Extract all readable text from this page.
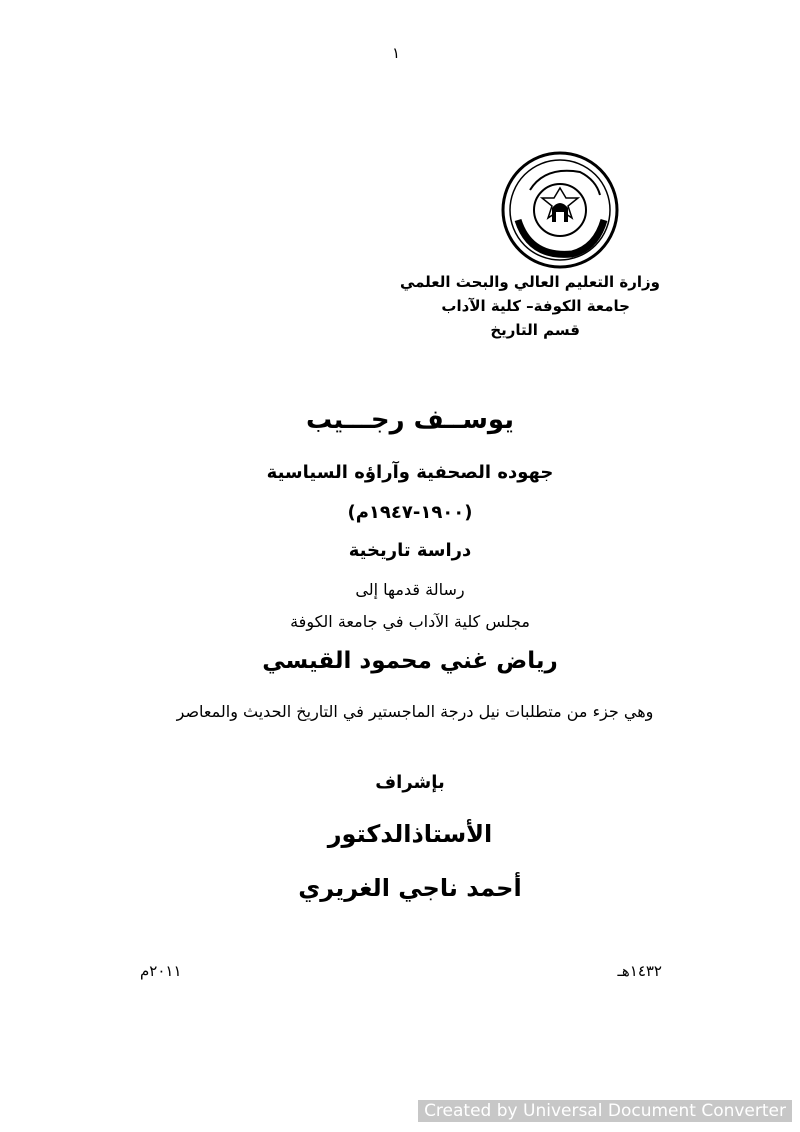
١
وزارة التعليم العالي والبحث العلمي
جامعة الكوفة– كلية الآداب
قسم التاريخ
يوســف رجـــيب
جهوده الصحفية وآراؤه السياسية
(١٩٠٠-١٩٤٧م)
دراسة تاريخية
رسالة قدمها إلى
مجلس كلية الآداب في جامعة الكوفة
رياض غني محمود القيسي
وهي جزء من متطلبات نيل درجة الماجستير في التاريخ الحديث والمعاصر
بإشراف
الأستاذالدكتور
أحمد ناجي الغريري
١٤٣٢هـ
٢٠١١م
Created by Universal Document Converter
